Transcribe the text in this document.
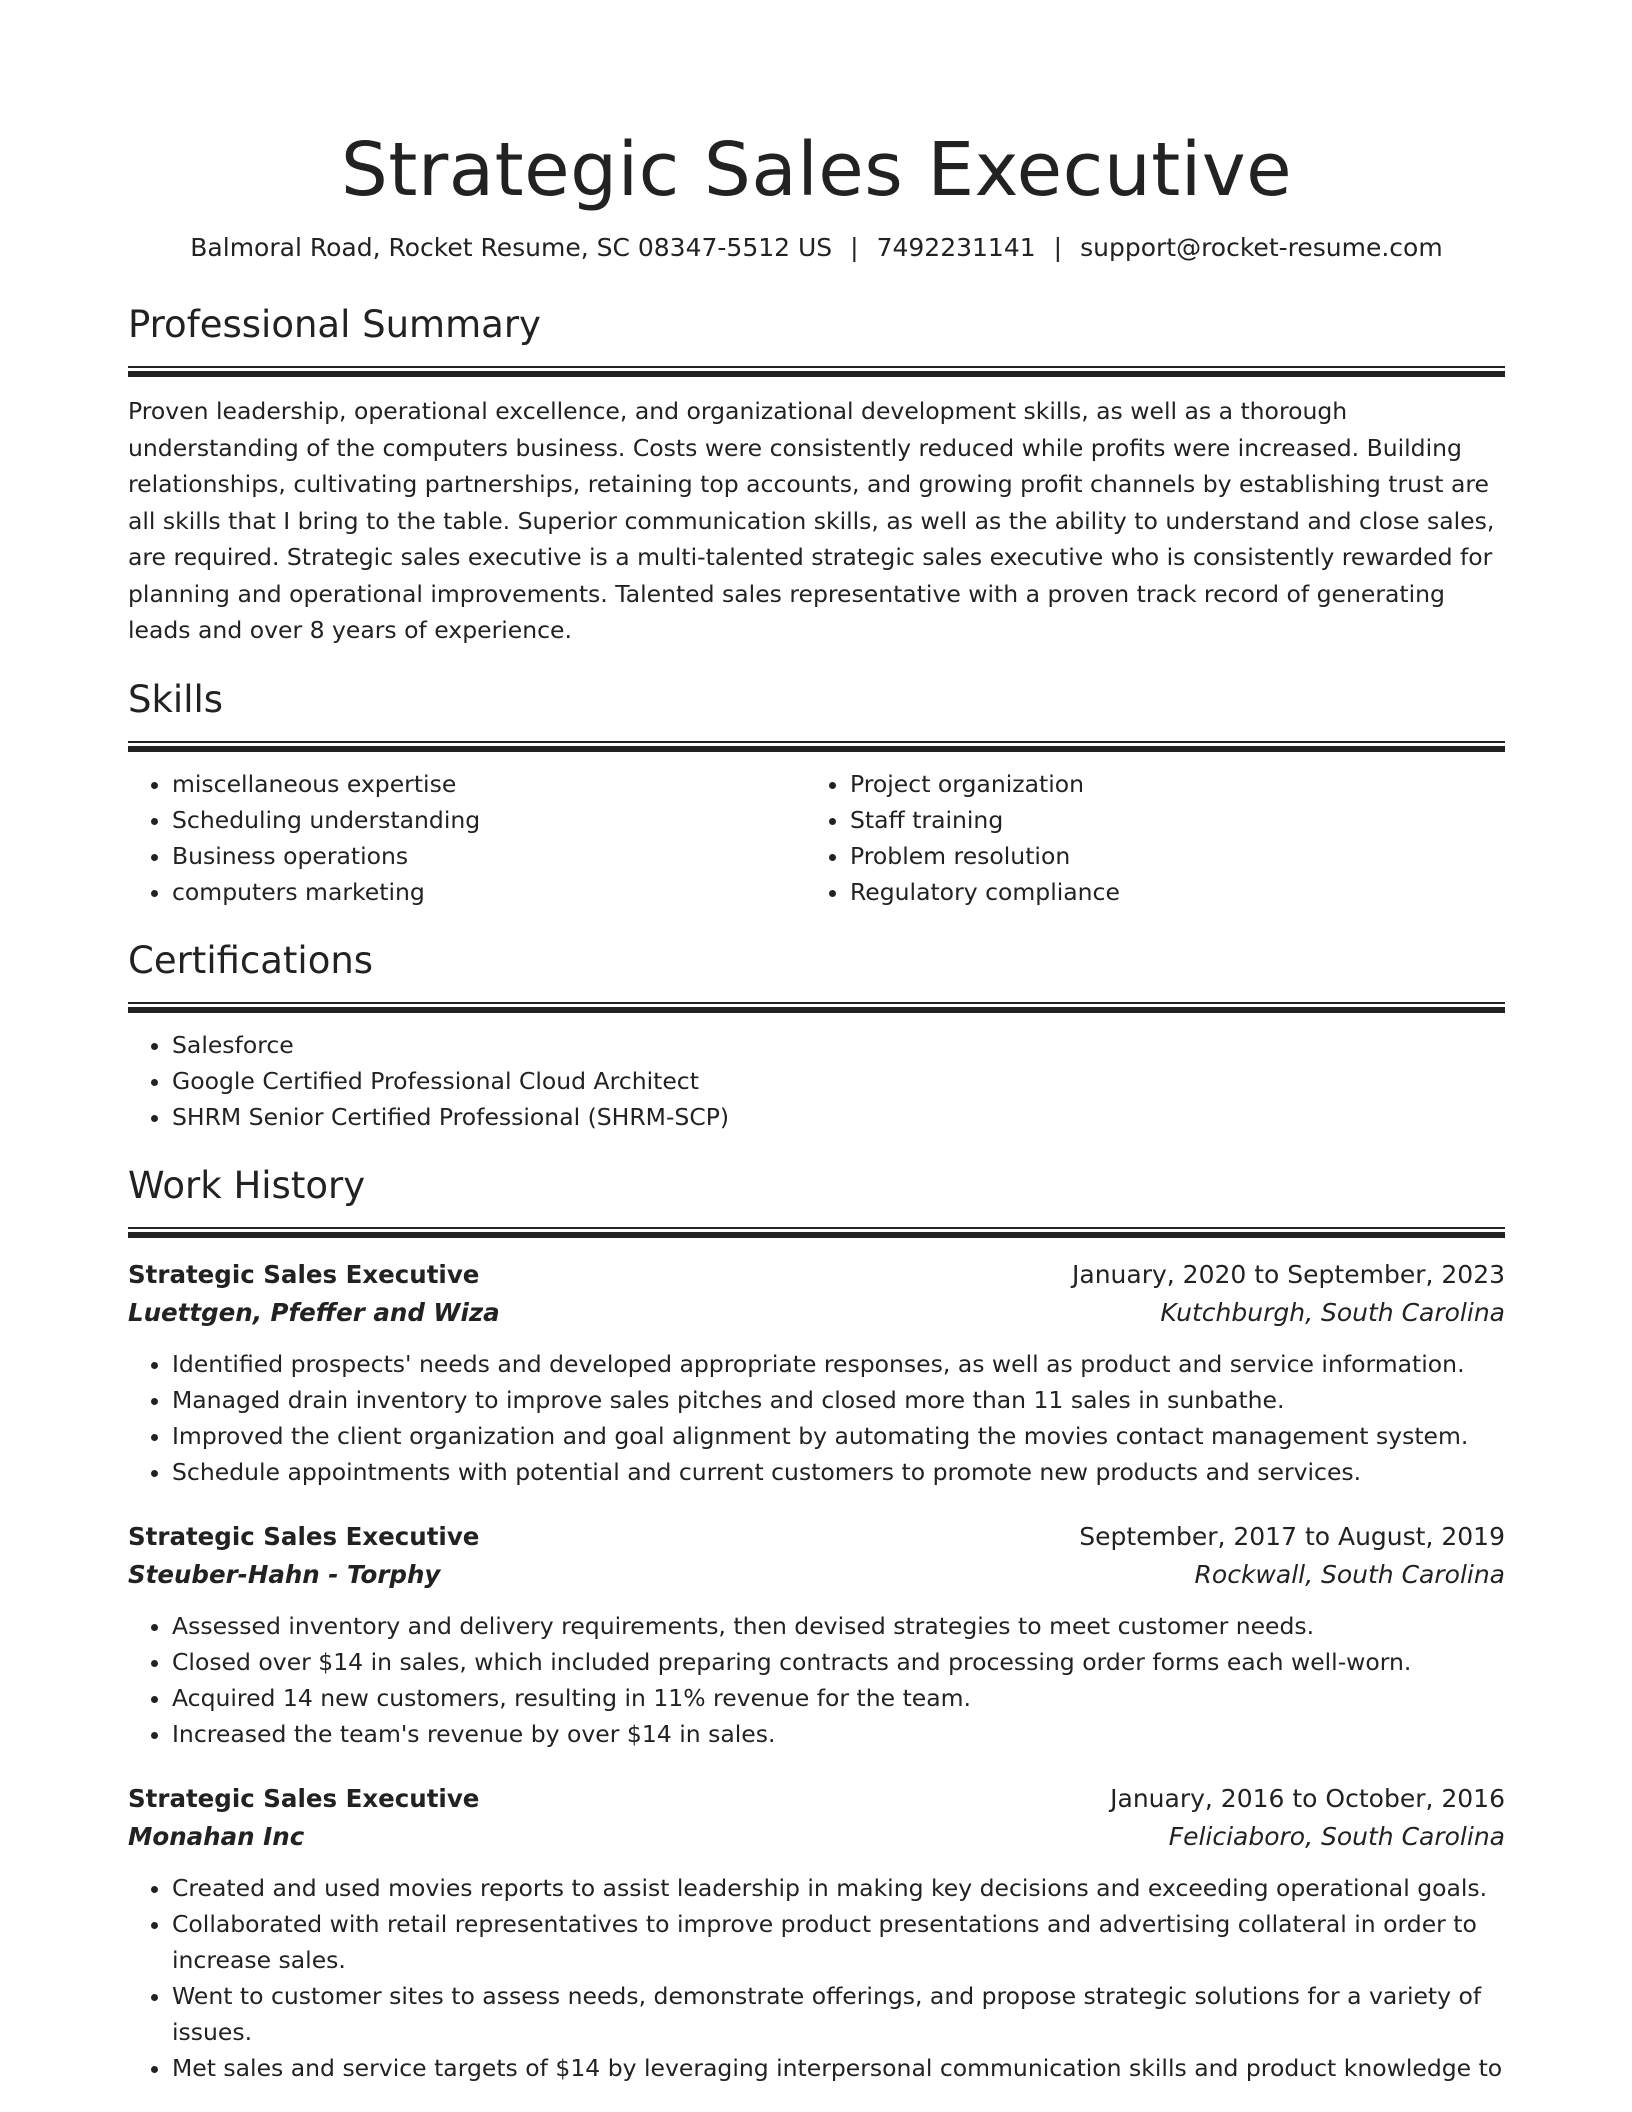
Strategic Sales Executive
Balmoral Road, Rocket Resume, SC 08347-5512 US | 7492231141 | support@rocket-resume.com
Professional Summary

Proven leadership, operational excellence, and organizational development skills, as well as a thorough understanding of the computers business. Costs were consistently reduced while profits were increased. Building relationships, cultivating partnerships, retaining top accounts, and growing profit channels by establishing trust are all skills that I bring to the table. Superior communication skills, as well as the ability to understand and close sales, are required. Strategic sales executive is a multi-talented strategic sales executive who is consistently rewarded for planning and operational improvements. Talented sales representative with a proven track record of generating leads and over 8 years of experience.

Skills
• miscellaneous expertise
• Scheduling understanding
• Business operations
• computers marketing
• Project organization
• Staff training
• Problem resolution
• Regulatory compliance
Certifications
• Salesforce
• Google Certified Professional Cloud Architect
• SHRM Senior Certified Professional (SHRM-SCP)
Work History
Strategic Sales Executive	January, 2020 to September, 2023
Luettgen, Pfeffer and Wiza	Kutchburgh, South Carolina
• Identified prospects' needs and developed appropriate responses, as well as product and service information.
• Managed drain inventory to improve sales pitches and closed more than 11 sales in sunbathe.
• Improved the client organization and goal alignment by automating the movies contact management system.
• Schedule appointments with potential and current customers to promote new products and services.
Strategic Sales Executive	September, 2017 to August, 2019
Steuber-Hahn - Torphy	Rockwall, South Carolina
• Assessed inventory and delivery requirements, then devised strategies to meet customer needs.
• Closed over $14 in sales, which included preparing contracts and processing order forms each well-worn.
• Acquired 14 new customers, resulting in 11% revenue for the team.
• Increased the team's revenue by over $14 in sales.
Strategic Sales Executive	January, 2016 to October, 2016
Monahan Inc	Feliciaboro, South Carolina
• Created and used movies reports to assist leadership in making key decisions and exceeding operational goals.
• Collaborated with retail representatives to improve product presentations and advertising collateral in order to increase sales.
• Went to customer sites to assess needs, demonstrate offerings, and propose strategic solutions for a variety of issues.
• Met sales and service targets of $14 by leveraging interpersonal communication skills and product knowledge to
